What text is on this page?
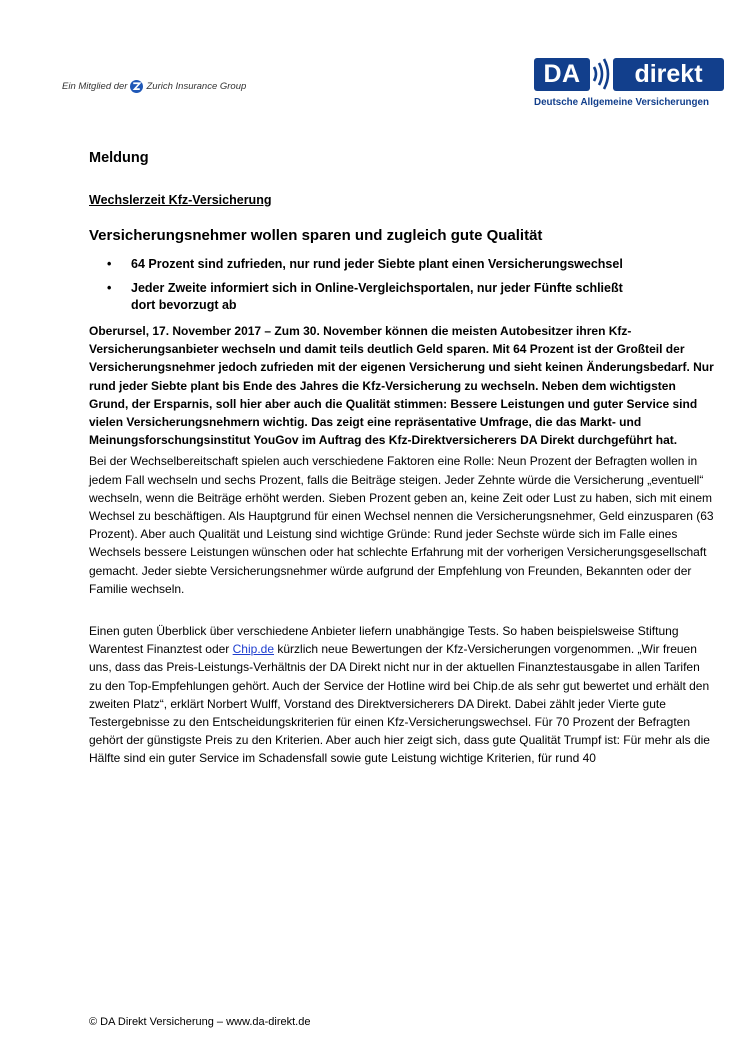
Ein Mitglied der Zurich Insurance Group	DA	direkt
Deutsche Allgemeine Versicherungen
Meldung
Wechslerzeit Kfz-Versicherung
Versicherungsnehmer wollen sparen und zugleich gute Qualität
• 64 Prozent sind zufrieden, nur rund jeder Siebte plant einen Versicherungswechsel
• Jeder Zweite informiert sich in Online-Vergleichsportalen, nur jeder Fünfte schließt dort bevorzugt ab
Oberursel, 17. November 2017 – Zum 30. November können die meisten Autobesitzer ihren Kfz-Versicherungsanbieter wechseln und damit teils deutlich Geld sparen. Mit 64 Prozent ist der Großteil der Versicherungsnehmer jedoch zufrieden mit der eigenen Versicherung und sieht keinen Änderungsbedarf. Nur rund jeder Siebte plant bis Ende des Jahres die Kfz-Versicherung zu wechseln. Neben dem wichtigsten Grund, der Ersparnis, soll hier aber auch die Qualität stimmen: Bessere Leistungen und guter Service sind vielen Versicherungsnehmern wichtig. Das zeigt eine repräsentative Umfrage, die das Markt- und Meinungsforschungsinstitut YouGov im Auftrag des Kfz-Direktversicherers DA Direkt durchgeführt hat.

Bei der Wechselbereitschaft spielen auch verschiedene Faktoren eine Rolle: Neun Prozent der Befragten wollen in jedem Fall wechseln und sechs Prozent, falls die Beiträge steigen. Jeder Zehnte würde die Versicherung „eventuell“ wechseln, wenn die Beiträge erhöht werden. Sieben Prozent geben an, keine Zeit oder Lust zu haben, sich mit einem Wechsel zu beschäftigen. Als Hauptgrund für einen Wechsel nennen die Versicherungsnehmer, Geld einzusparen (63 Prozent). Aber auch Qualität und Leistung sind wichtige Gründe: Rund jeder Sechste würde sich im Falle eines Wechsels bessere Leistungen wünschen oder hat schlechte Erfahrung mit der vorherigen Versicherungsgesellschaft gemacht. Jeder siebte Versicherungsnehmer würde aufgrund der Empfehlung von Freunden, Bekannten oder der Familie wechseln.

Einen guten Überblick über verschiedene Anbieter liefern unabhängige Tests. So haben beispielsweise Stiftung Warentest Finanztest oder Chip.de kürzlich neue Bewertungen der Kfz-Versicherungen vorgenommen. „Wir freuen uns, dass das Preis-Leistungs-Verhältnis der DA Direkt nicht nur in der aktuellen Finanztestausgabe in allen Tarifen zu den Top-Empfehlungen gehört. Auch der Service der Hotline wird bei Chip.de als sehr gut bewertet und erhält den zweiten Platz“, erklärt Norbert Wulff, Vorstand des Direktversicherers DA Direkt. Dabei zählt jeder Vierte gute Testergebnisse zu den Entscheidungskriterien für einen Kfz-Versicherungswechsel. Für 70 Prozent der Befragten gehört der günstigste Preis zu den Kriterien. Aber auch hier zeigt sich, dass gute Qualität Trumpf ist: Für mehr als die Hälfte sind ein guter Service im Schadensfall sowie gute Leistung wichtige Kriterien, für rund 40

© DA Direkt Versicherung – www.da-direkt.de
